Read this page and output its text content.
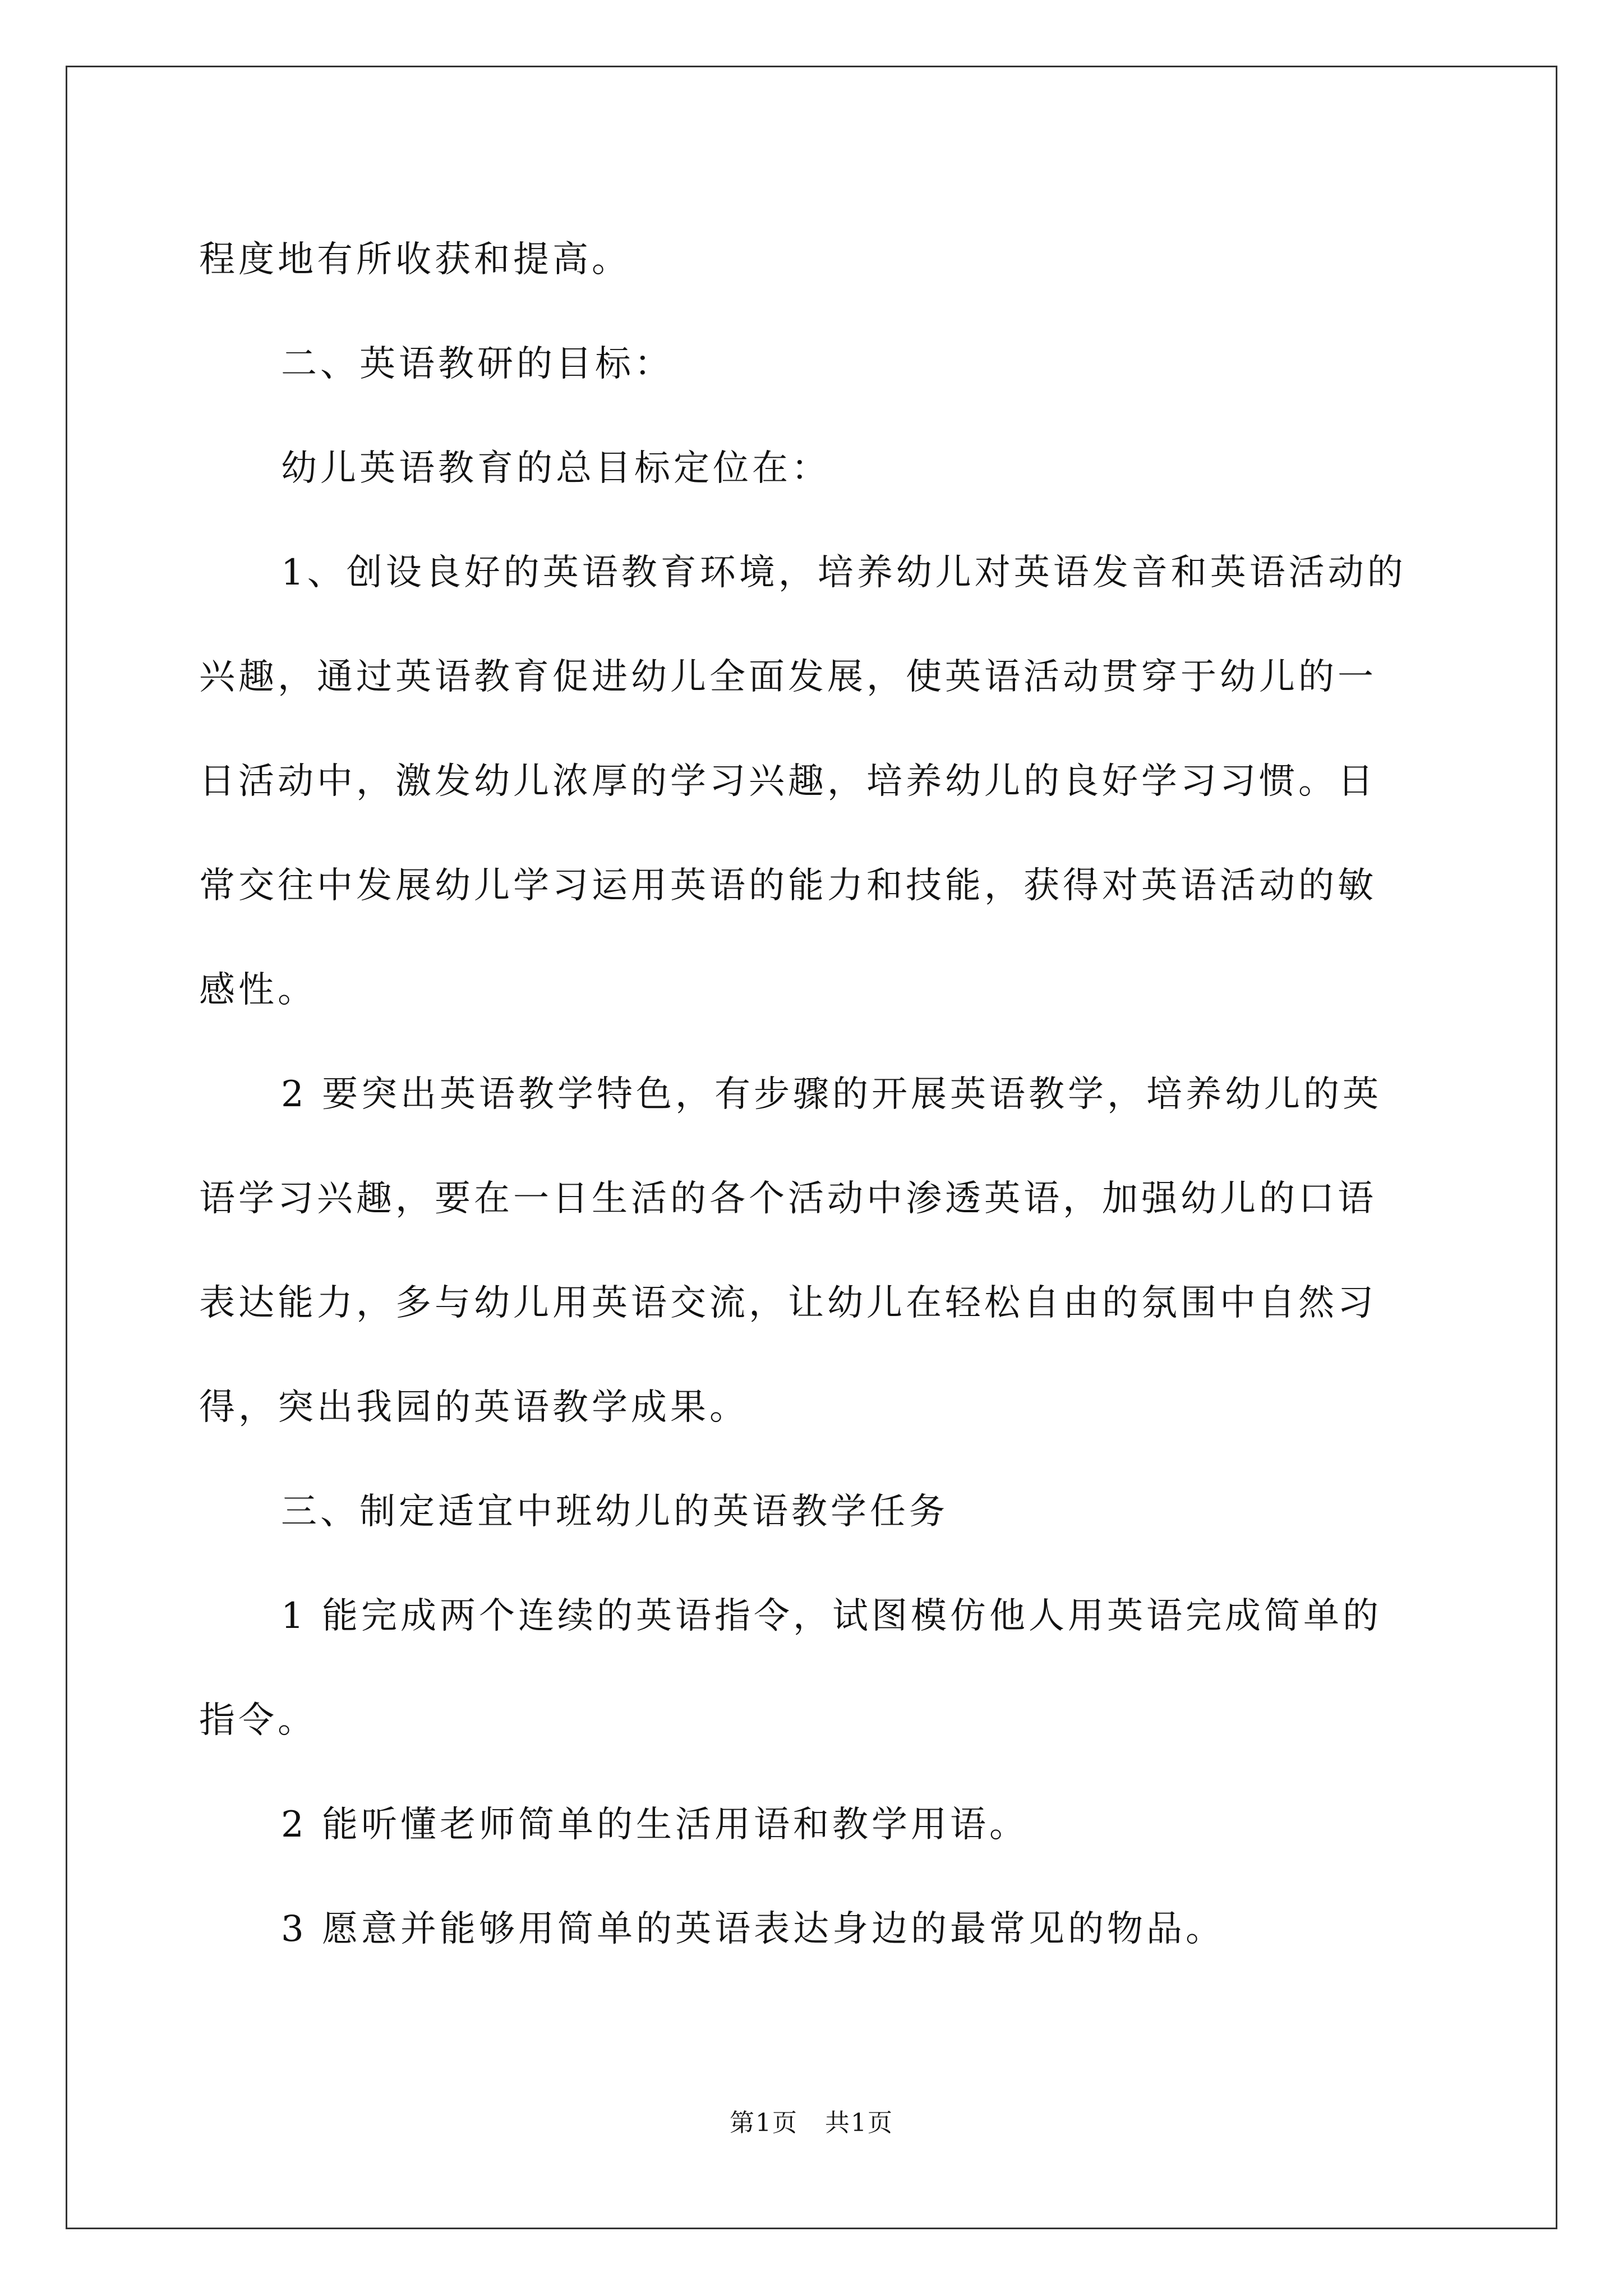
程度地有所收获和提高。

二、英语教研的目标：

幼儿英语教育的总目标定位在：

1、创设良好的英语教育环境，培养幼儿对英语发音和英语活动的

兴趣，通过英语教育促进幼儿全面发展，使英语活动贯穿于幼儿的一

日活动中，激发幼儿浓厚的学习兴趣，培养幼儿的良好学习习惯。日

常交往中发展幼儿学习运用英语的能力和技能，获得对英语活动的敏

感性。

2 要突出英语教学特色，有步骤的开展英语教学，培养幼儿的英

语学习兴趣，要在一日生活的各个活动中渗透英语，加强幼儿的口语

表达能力，多与幼儿用英语交流，让幼儿在轻松自由的氛围中自然习

得，突出我园的英语教学成果。

三、制定适宜中班幼儿的英语教学任务

1 能完成两个连续的英语指令，试图模仿他人用英语完成简单的

指令。

2 能听懂老师简单的生活用语和教学用语。

3 愿意并能够用简单的英语表达身边的最常见的物品。

第1页 共1页
